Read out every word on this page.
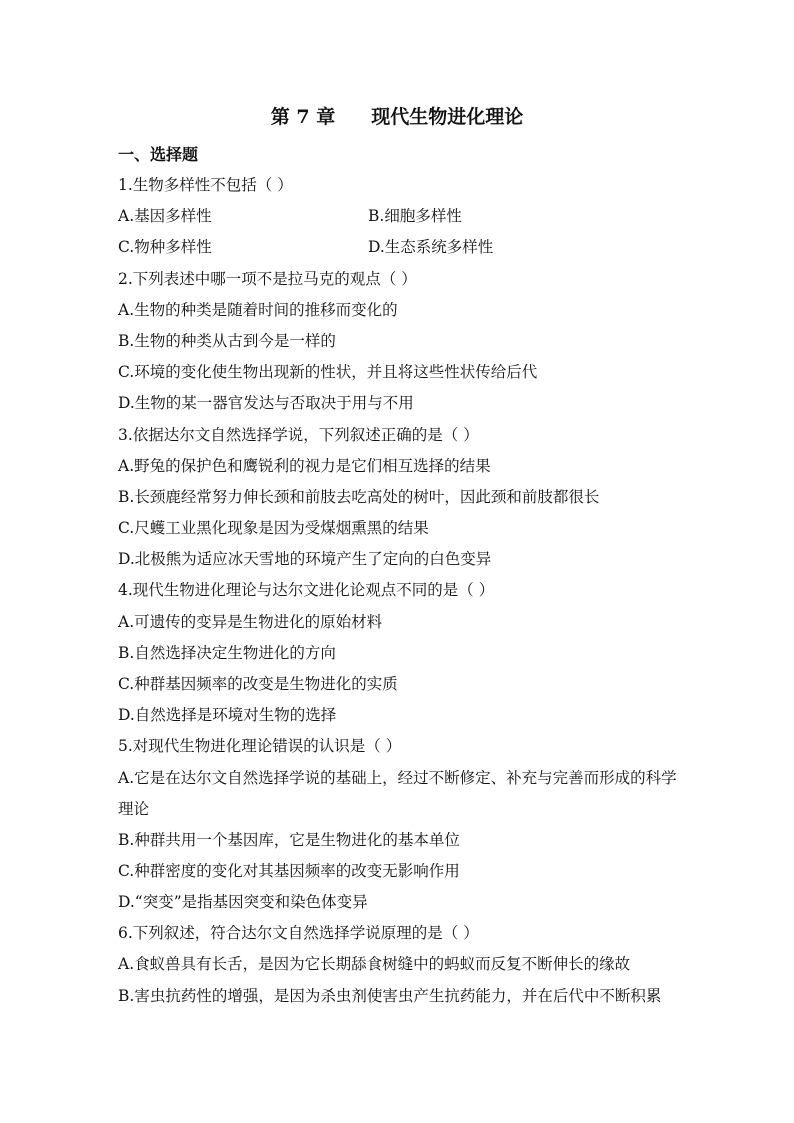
第 7 章 现代生物进化理论
一、选择题
1.生物多样性不包括（ ）
A.基因多样性	B.细胞多样性
C.物种多样性	D.生态系统多样性
2.下列表述中哪一项不是拉马克的观点（ ）
A.生物的种类是随着时间的推移而变化的
B.生物的种类从古到今是一样的
C.环境的变化使生物出现新的性状，并且将这些性状传给后代
D.生物的某一器官发达与否取决于用与不用
3.依据达尔文自然选择学说，下列叙述正确的是（ ）
A.野兔的保护色和鹰锐利的视力是它们相互选择的结果
B.长颈鹿经常努力伸长颈和前肢去吃高处的树叶，因此颈和前肢都很长
C.尺蠖工业黑化现象是因为受煤烟熏黑的结果
D.北极熊为适应冰天雪地的环境产生了定向的白色变异
4.现代生物进化理论与达尔文进化论观点不同的是（ ）
A.可遗传的变异是生物进化的原始材料
B.自然选择决定生物进化的方向
C.种群基因频率的改变是生物进化的实质
D.自然选择是环境对生物的选择
5.对现代生物进化理论错误的认识是（ ）
A.它是在达尔文自然选择学说的基础上，经过不断修定、补充与完善而形成的科学理论
B.种群共用一个基因库，它是生物进化的基本单位
C.种群密度的变化对其基因频率的改变无影响作用
D.“突变”是指基因突变和染色体变异
6.下列叙述，符合达尔文自然选择学说原理的是（ ）
A.食蚁兽具有长舌，是因为它长期舔食树缝中的蚂蚁而反复不断伸长的缘故
B.害虫抗药性的增强，是因为杀虫剂使害虫产生抗药能力，并在后代中不断积累
